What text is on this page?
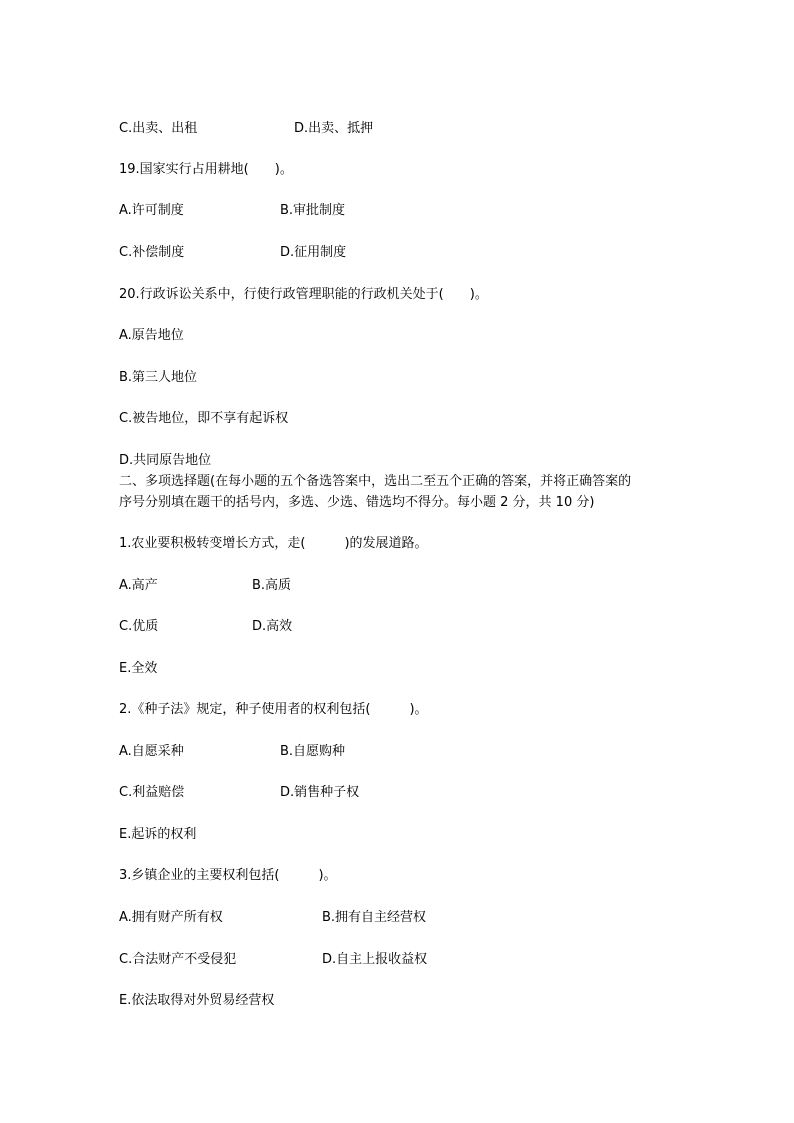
C.出卖、出租	D.出卖、抵押
19.国家实行占用耕地(　　)。
A.许可制度	B.审批制度
C.补偿制度	D.征用制度
20.行政诉讼关系中，行使行政管理职能的行政机关处于(　　)。
A.原告地位
B.第三人地位
C.被告地位，即不享有起诉权
D.共同原告地位
二、多项选择题(在每小题的五个备选答案中，选出二至五个正确的答案，并将正确答案的
序号分别填在题干的括号内，多选、少选、错选均不得分。每小题 2 分，共 10 分)
1.农业要积极转变增长方式，走(　　　)的发展道路。
A.高产	B.高质
C.优质	D.高效
E.全效
2.《种子法》规定，种子使用者的权利包括(　　　)。
A.自愿采种	B.自愿购种
C.利益赔偿	D.销售种子权
E.起诉的权利
3.乡镇企业的主要权利包括(　　　)。
A.拥有财产所有权	B.拥有自主经营权
C.合法财产不受侵犯	D.自主上报收益权
E.依法取得对外贸易经营权
